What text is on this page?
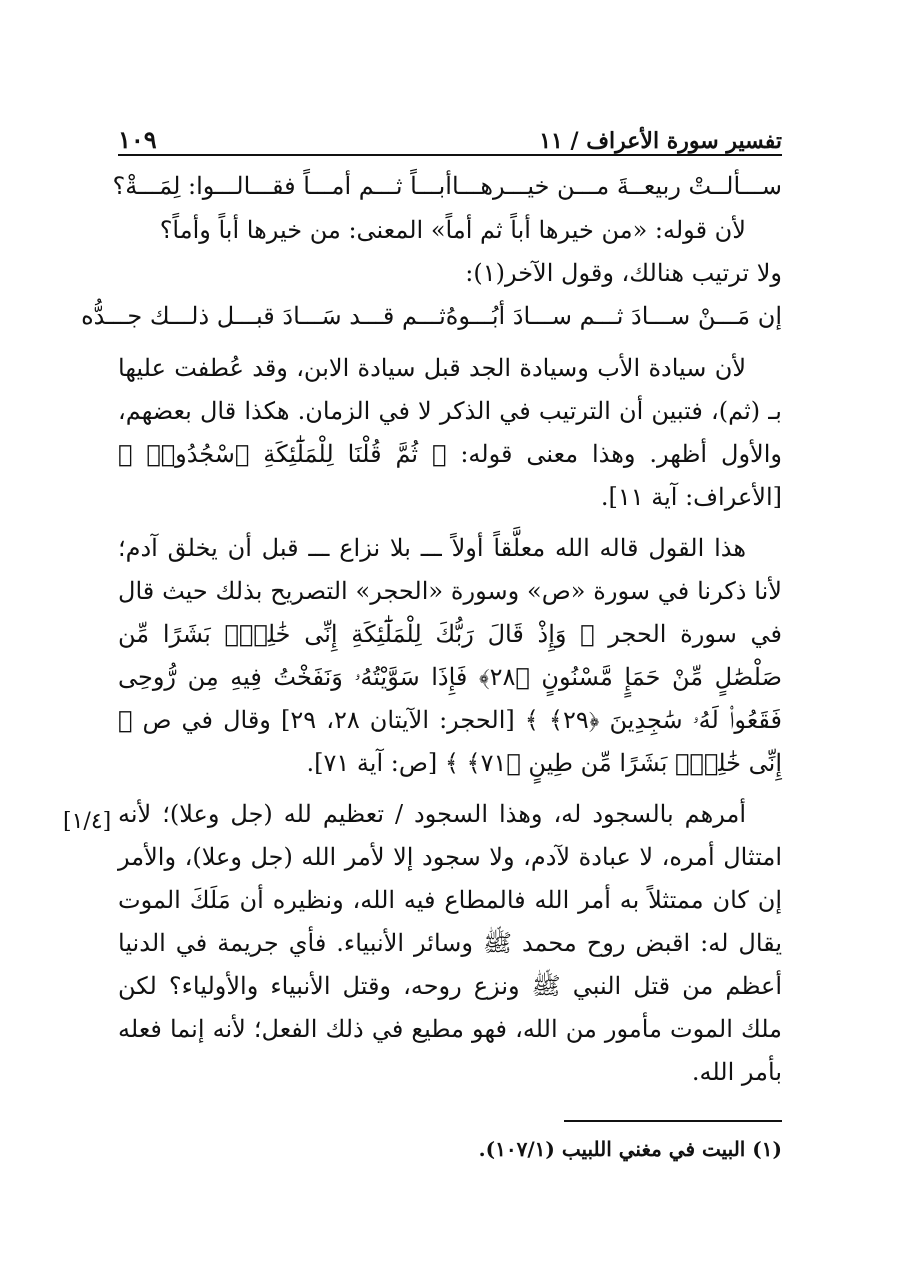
تفسير سورة الأعراف / ١١
١٠٩
ســـألــتْ ربيعــةَ مـــن خيـــرهـــا
أبـــاً ثـــم أمـــاً فقـــالـــوا: لِمَـــةْ؟

لأن قوله: «من خيرها أباً ثم أماً» المعنى: من خيرها أباً وأماً؟

ولا ترتيب هنالك، وقول الآخر(١):

إن مَـــنْ ســـادَ ثـــم ســـادَ أبُـــوهُ
ثـــم قـــد سَـــادَ قبـــل ذلـــك جـــدُّه

لأن سيادة الأب وسيادة الجد قبل سيادة الابن، وقد عُطفت عليها بـ (ثم)، فتبين أن الترتيب في الذكر لا في الزمان. هكذا قال بعضهم، والأول أظهر. وهذا معنى قوله: ﴿ ثُمَّ قُلْنَا لِلْمَلَٰٓئِكَةِ ٱسْجُدُوا۟ ﴾ [الأعراف: آية ١١].

هذا القول قاله الله معلَّقاً أولاً ـــ بلا نزاع ـــ قبل أن يخلق آدم؛ لأنا ذكرنا في سورة «ص» وسورة «الحجر» التصريح بذلك حيث قال في سورة الحجر ﴿ وَإِذْ قَالَ رَبُّكَ لِلْمَلَٰٓئِكَةِ إِنِّى خَٰلِقٌۢ بَشَرًا مِّن صَلْصَٰلٍ مِّنْ حَمَإٍ مَّسْنُونٍ ﴿٢٨﴾ فَإِذَا سَوَّيْتُهُۥ وَنَفَخْتُ فِيهِ مِن رُّوحِى فَقَعُوا۟ لَهُۥ سَٰجِدِينَ ﴿٢٩﴾ ﴾ [الحجر: الآيتان ٢٨، ٢٩] وقال في ص ﴿ إِنِّى خَٰلِقٌۢ بَشَرًا مِّن طِينٍ ﴿٧١﴾ ﴾ [ص: آية ٧١].

أمرهم بالسجود له، وهذا السجود / تعظيم لله (جل وعلا)؛ لأنه امتثال أمره، لا عبادة لآدم، ولا سجود إلا لأمر الله (جل وعلا)، والأمر إن كان ممتثلاً به أمر الله فالمطاع فيه الله، ونظيره أن مَلَكَ الموت يقال له: اقبض روح محمد ﷺ وسائر الأنبياء. فأي جريمة في الدنيا أعظم من قتل النبي ﷺ ونزع روحه، وقتل الأنبياء والأولياء؟ لكن ملك الموت مأمور من الله، فهو مطيع في ذلك الفعل؛ لأنه إنما فعله بأمر الله.

[١/٤]
(١) البيت في مغني اللبيب (١٠٧/١).
